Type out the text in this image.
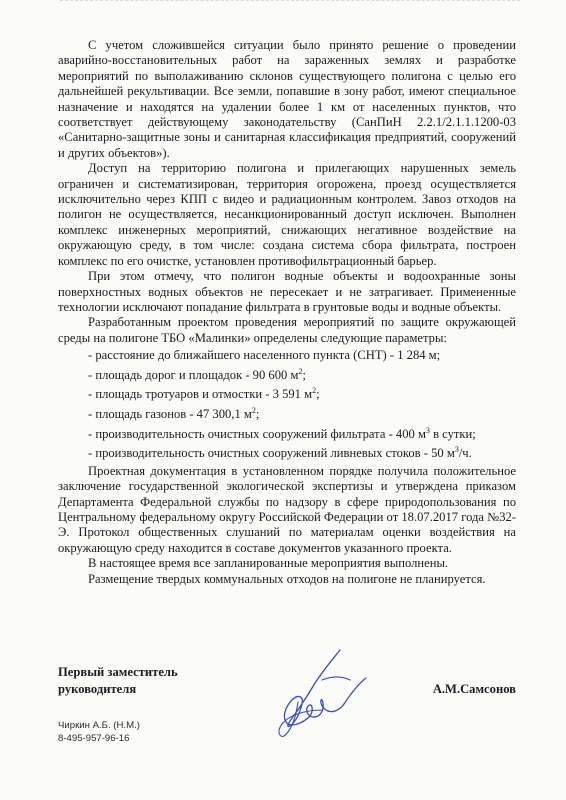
С учетом сложившейся ситуации было принято решение о проведении аварийно-восстановительных работ на зараженных землях и разработке мероприятий по выполаживанию склонов существующего полигона с целью его дальнейшей рекультивации. Все земли, попавшие в зону работ, имеют специальное назначение и находятся на удалении более 1 км от населенных пунктов, что соответствует действующему законодательству (СанПиН 2.2.1/2.1.1.1200-03 «Санитарно-защитные зоны и санитарная классификация предприятий, сооружений и других объектов»).

Доступ на территорию полигона и прилегающих нарушенных земель ограничен и систематизирован, территория огорожена, проезд осуществляется исключительно через КПП с видео и радиационным контролем. Завоз отходов на полигон не осуществляется, несанкционированный доступ исключен. Выполнен комплекс инженерных мероприятий, снижающих негативное воздействие на окружающую среду, в том числе: создана система сбора фильтрата, построен комплекс по его очистке, установлен противофильтрационный барьер.

При этом отмечу, что полигон водные объекты и водоохранные зоны поверхностных водных объектов не пересекает и не затрагивает. Примененные технологии исключают попадание фильтрата в грунтовые воды и водные объекты.

Разработанным проектом проведения мероприятий по защите окружающей среды на полигоне ТБО «Малинки» определены следующие параметры:

- расстояние до ближайшего населенного пункта (СНТ) - 1 284 м;
- площадь дорог и площадок - 90 600 $м^2$;
- площадь тротуаров и отмостки - 3 591 $м^2$;
- площадь газонов - 47 300,1 $м^2$;
- производительность очистных сооружений фильтрата - 400 $м^3$ в сутки;
- производительность очистных сооружений ливневых стоков - 50 $м^3/ч$.

Проектная документация в установленном порядке получила положительное заключение государственной экологической экспертизы и утверждена приказом Департамента Федеральной службы по надзору в сфере природопользования по Центральному федеральному округу Российской Федерации от 18.07.2017 года №32-Э. Протокол общественных слушаний по материалам оценки воздействия на окружающую среду находится в составе документов указанного проекта.

В настоящее время все запланированные мероприятия выполнены.

Размещение твердых коммунальных отходов на полигоне не планируется.

Первый заместитель
руководителя	А.М.Самсонов
Чиркин А.Б. (Н.М.)
8-495-957-96-16
